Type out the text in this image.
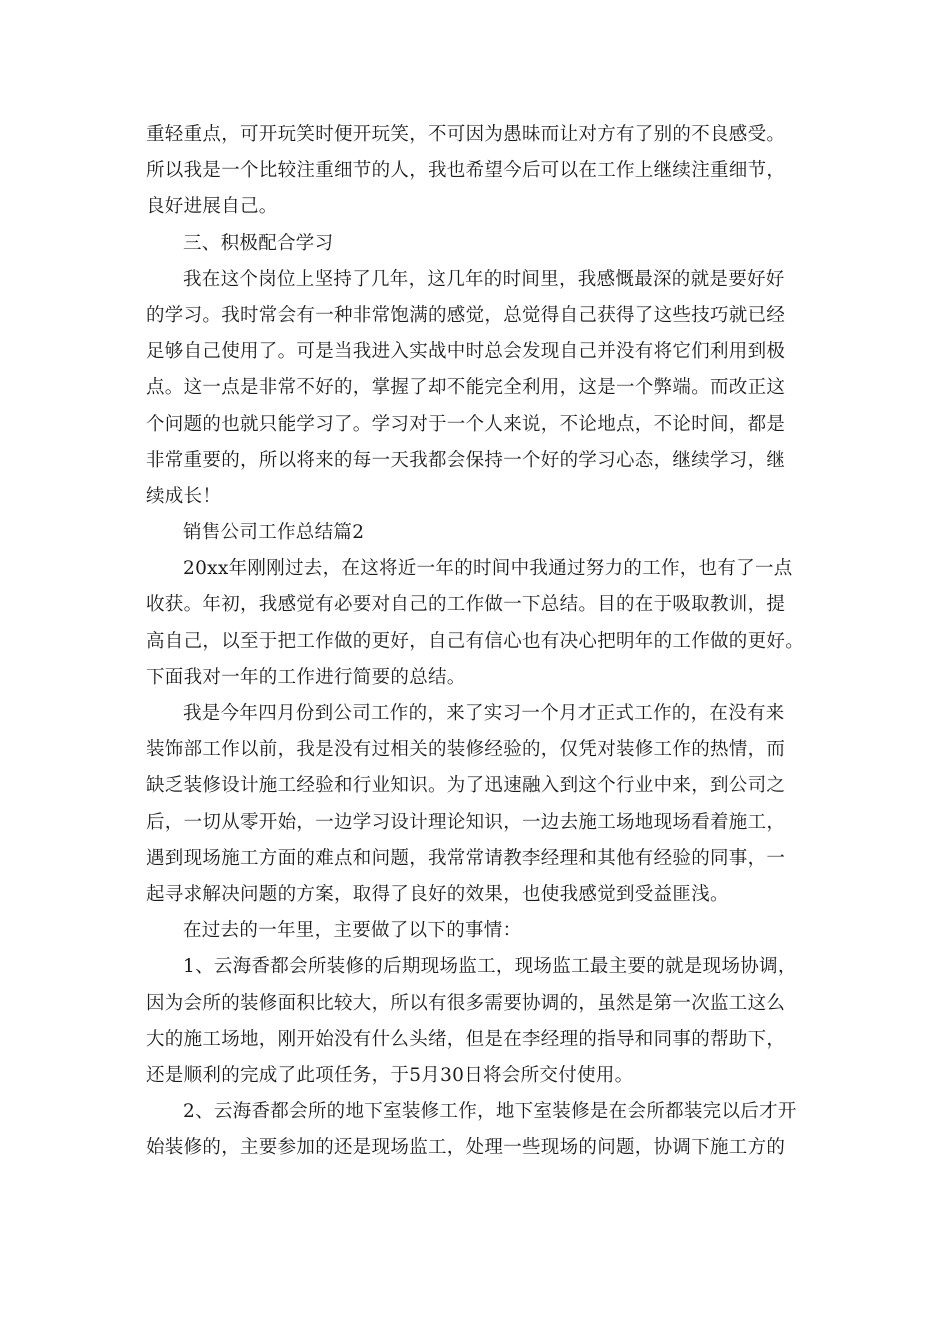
重轻重点，可开玩笑时便开玩笑，不可因为愚昧而让对方有了别的不良感受。
所以我是一个比较注重细节的人，我也希望今后可以在工作上继续注重细节，
良好进展自己。
三、积极配合学习
我在这个岗位上坚持了几年，这几年的时间里，我感慨最深的就是要好好
的学习。我时常会有一种非常饱满的感觉，总觉得自己获得了这些技巧就已经
足够自己使用了。可是当我进入实战中时总会发现自己并没有将它们利用到极
点。这一点是非常不好的，掌握了却不能完全利用，这是一个弊端。而改正这
个问题的也就只能学习了。学习对于一个人来说，不论地点，不论时间，都是
非常重要的，所以将来的每一天我都会保持一个好的学习心态，继续学习，继
续成长！
销售公司工作总结篇2
20xx年刚刚过去，在这将近一年的时间中我通过努力的工作，也有了一点
收获。年初，我感觉有必要对自己的工作做一下总结。目的在于吸取教训，提
高自己，以至于把工作做的更好，自己有信心也有决心把明年的工作做的更好。
下面我对一年的工作进行简要的总结。
我是今年四月份到公司工作的，来了实习一个月才正式工作的，在没有来
装饰部工作以前，我是没有过相关的装修经验的，仅凭对装修工作的热情，而
缺乏装修设计施工经验和行业知识。为了迅速融入到这个行业中来，到公司之
后，一切从零开始，一边学习设计理论知识，一边去施工场地现场看着施工，
遇到现场施工方面的难点和问题，我常常请教李经理和其他有经验的同事，一
起寻求解决问题的方案，取得了良好的效果，也使我感觉到受益匪浅。
在过去的一年里，主要做了以下的事情：
1、云海香都会所装修的后期现场监工，现场监工最主要的就是现场协调，
因为会所的装修面积比较大，所以有很多需要协调的，虽然是第一次监工这么
大的施工场地，刚开始没有什么头绪，但是在李经理的指导和同事的帮助下，
还是顺利的完成了此项任务，于5月30日将会所交付使用。
2、云海香都会所的地下室装修工作，地下室装修是在会所都装完以后才开
始装修的，主要参加的还是现场监工，处理一些现场的问题，协调下施工方的
